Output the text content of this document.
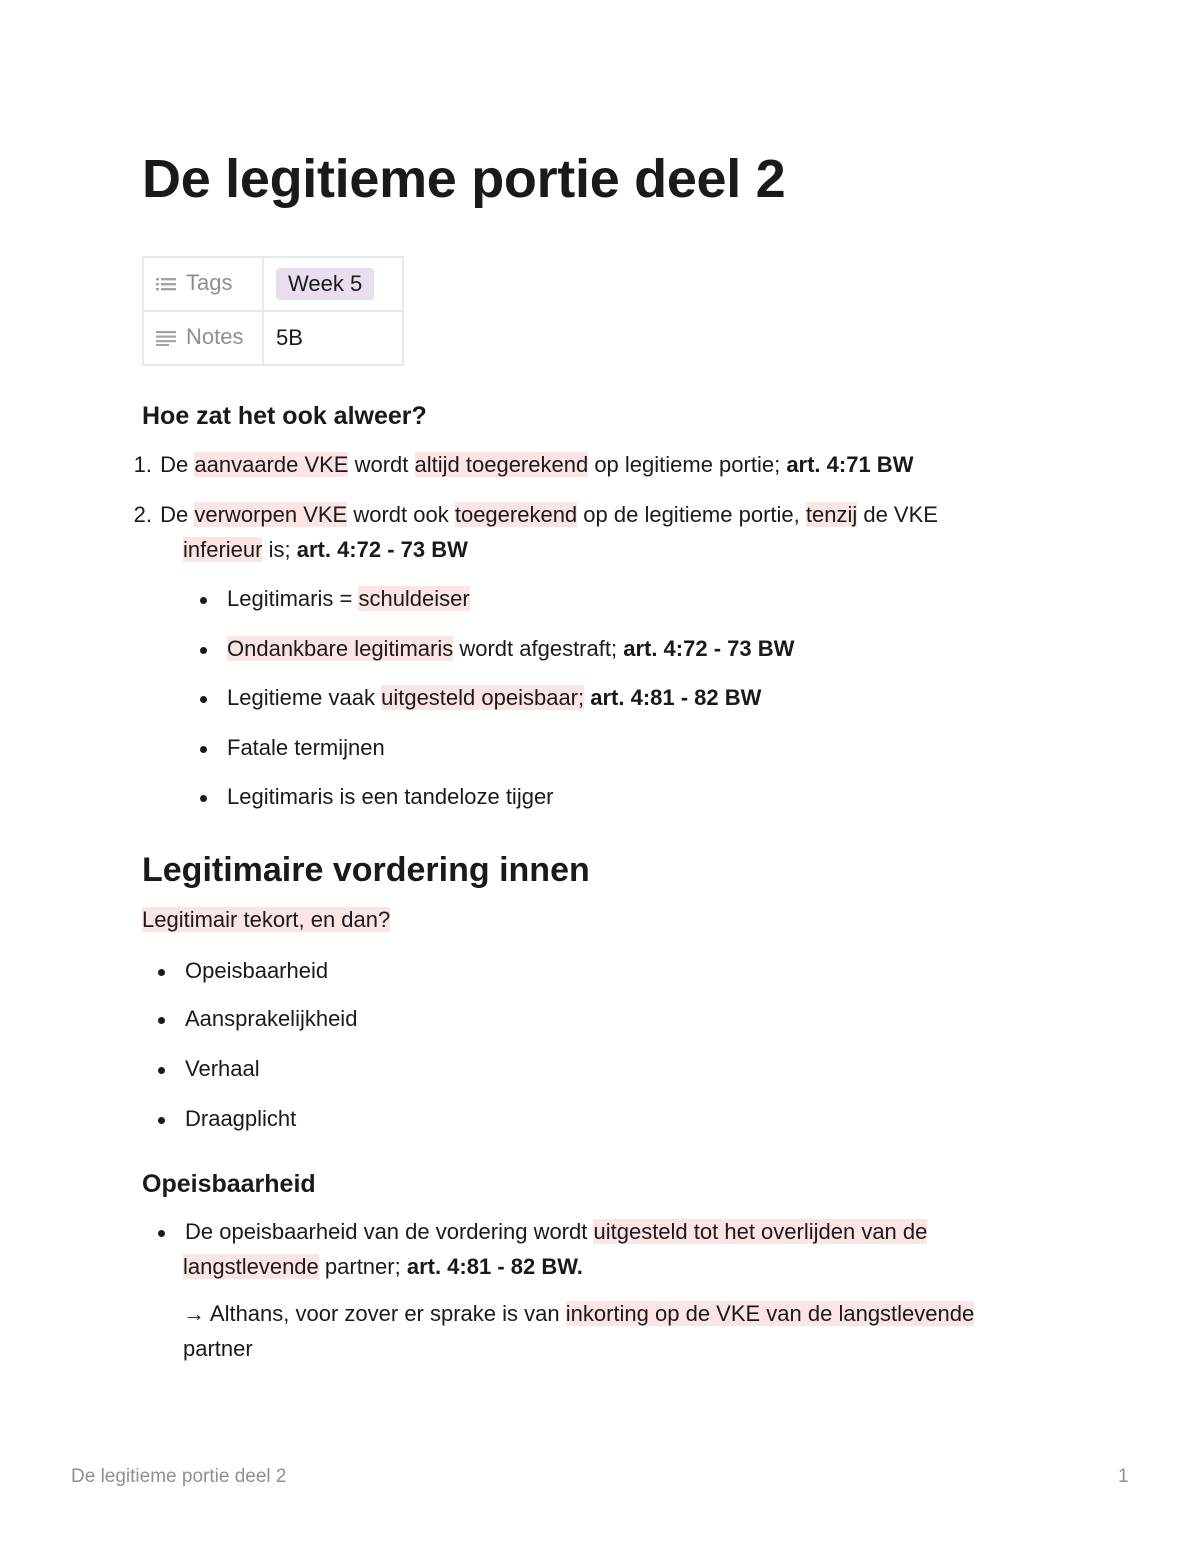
De legitieme portie deel 2
Tags	Week 5
Notes	5B
Hoe zat het ook alweer?
1. De aanvaarde VKE wordt altijd toegerekend op legitieme portie; art. 4:71 BW
2. De verworpen VKE wordt ook toegerekend op de legitieme portie, tenzij de VKE
inferieur is; art. 4:72 - 73 BW
Legitimaris = schuldeiser
Ondankbare legitimaris wordt afgestraft; art. 4:72 - 73 BW
Legitieme vaak uitgesteld opeisbaar; art. 4:81 - 82 BW
Fatale termijnen
Legitimaris is een tandeloze tijger
Legitimaire vordering innen
Legitimair tekort, en dan?
Opeisbaarheid
Aansprakelijkheid
Verhaal
Draagplicht
Opeisbaarheid
De opeisbaarheid van de vordering wordt uitgesteld tot het overlijden van de
langstlevende partner; art. 4:81 - 82 BW.
→ Althans, voor zover er sprake is van inkorting op de VKE van de langstlevende
partner
De legitieme portie deel 2	1
